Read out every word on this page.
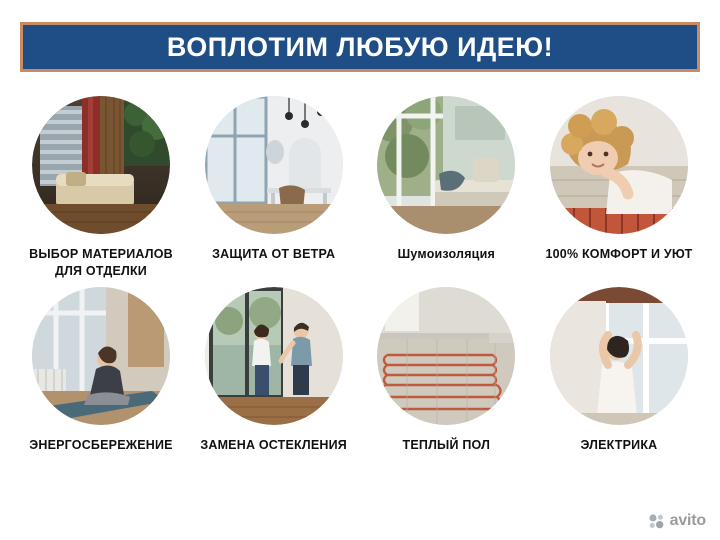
ВОПЛОТИМ ЛЮБУЮ ИДЕЮ!
ВЫБОР МАТЕРИАЛОВ ДЛЯ ОТДЕЛКИ
ЗАЩИТА ОТ ВЕТРА	Шумоизоляция	100% КОМФОРТ И УЮТ
ЭНЕРГОСБЕРЕЖЕНИЕ	ЗАМЕНА ОСТЕКЛЕНИЯ	ТЕПЛЫЙ ПОЛ	ЭЛЕКТРИКА
avito
